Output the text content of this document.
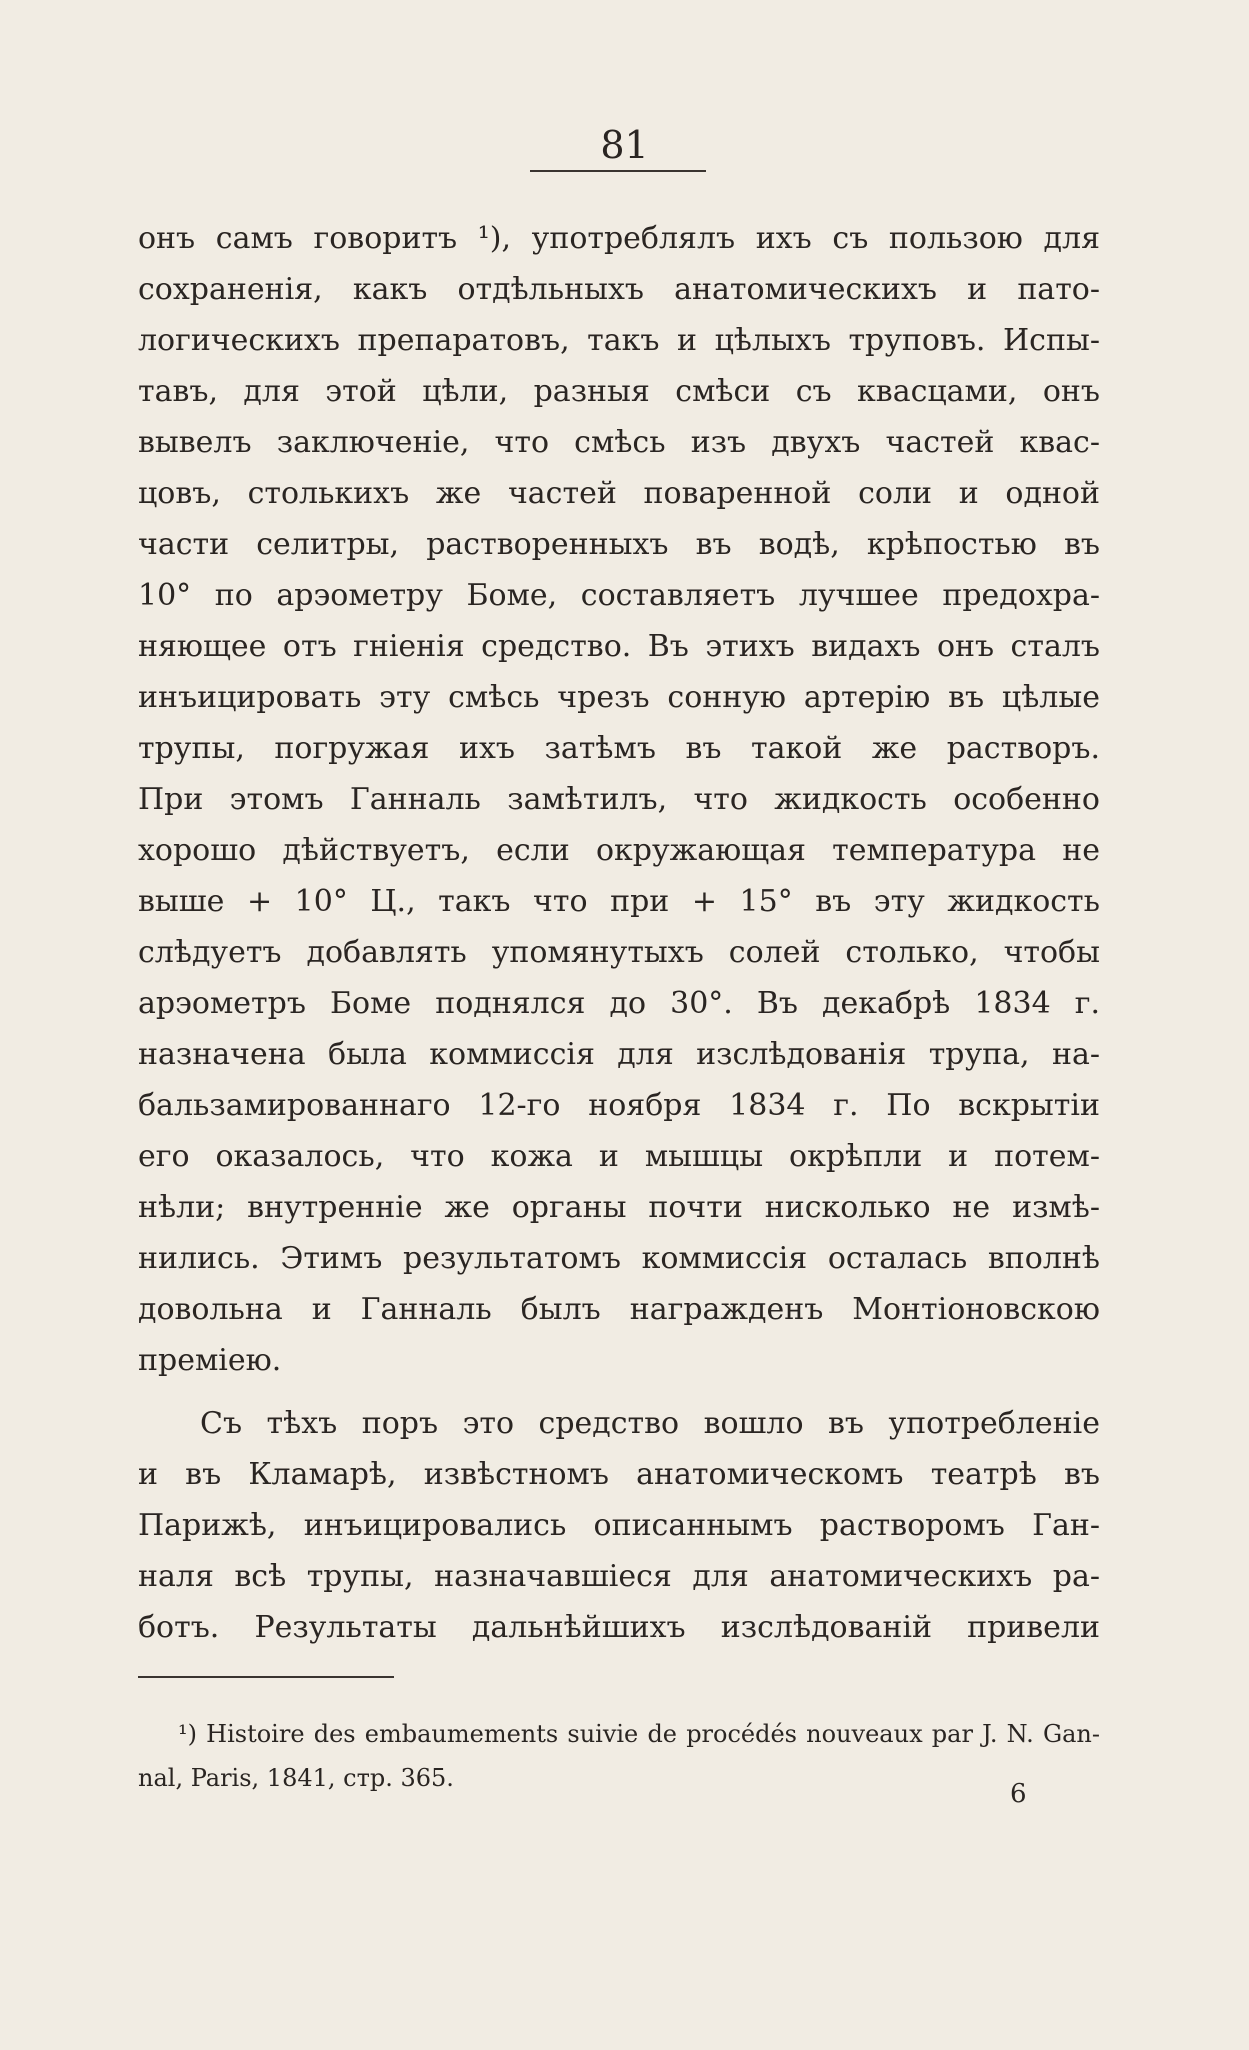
81
онъ самъ говоритъ ¹), употреблялъ ихъ съ пользою для
сохраненія, какъ отдѣльныхъ анатомическихъ и пато-
логическихъ препаратовъ, такъ и цѣлыхъ труповъ. Испы-
тавъ, для этой цѣли, разныя смѣси съ квасцами, онъ
вывелъ заключеніе, что смѣсь изъ двухъ частей квас-
цовъ, столькихъ же частей поваренной соли и одной
части селитры, растворенныхъ въ водѣ, крѣпостью въ
10° по арэометру Боме, составляетъ лучшее предохра-
няющее отъ гніенія средство. Въ этихъ видахъ онъ сталъ
инъицировать эту смѣсь чрезъ сонную артерію въ цѣлые
трупы, погружая ихъ затѣмъ въ такой же растворъ.
При этомъ Ганналь замѣтилъ, что жидкость особенно
хорошо дѣйствуетъ, если окружающая температура не
выше + 10° Ц., такъ что при + 15° въ эту жидкость
слѣдуетъ добавлять упомянутыхъ солей столько, чтобы
арэометръ Боме поднялся до 30°. Въ декабрѣ 1834 г.
назначена была коммиссія для изслѣдованія трупа, на-
бальзамированнаго 12-го ноября 1834 г. По вскрытіи
его оказалось, что кожа и мышцы окрѣпли и потем-
нѣли; внутренніе же органы почти нисколько не измѣ-
нились. Этимъ результатомъ коммиссія осталась вполнѣ
довольна и Ганналь былъ награжденъ Монтіоновскою
преміею.
Съ тѣхъ поръ это средство вошло въ употребленіе
и въ Кламарѣ, извѣстномъ анатомическомъ театрѣ въ
Парижѣ, инъицировались описаннымъ растворомъ Ган-
наля всѣ трупы, назначавшіеся для анатомическихъ ра-
ботъ. Результаты дальнѣйшихъ изслѣдованій привели
¹) Histoire des embaumements suivie de procédés nouveaux par J. N. Gan-
nal, Paris, 1841, стр. 365.
6
